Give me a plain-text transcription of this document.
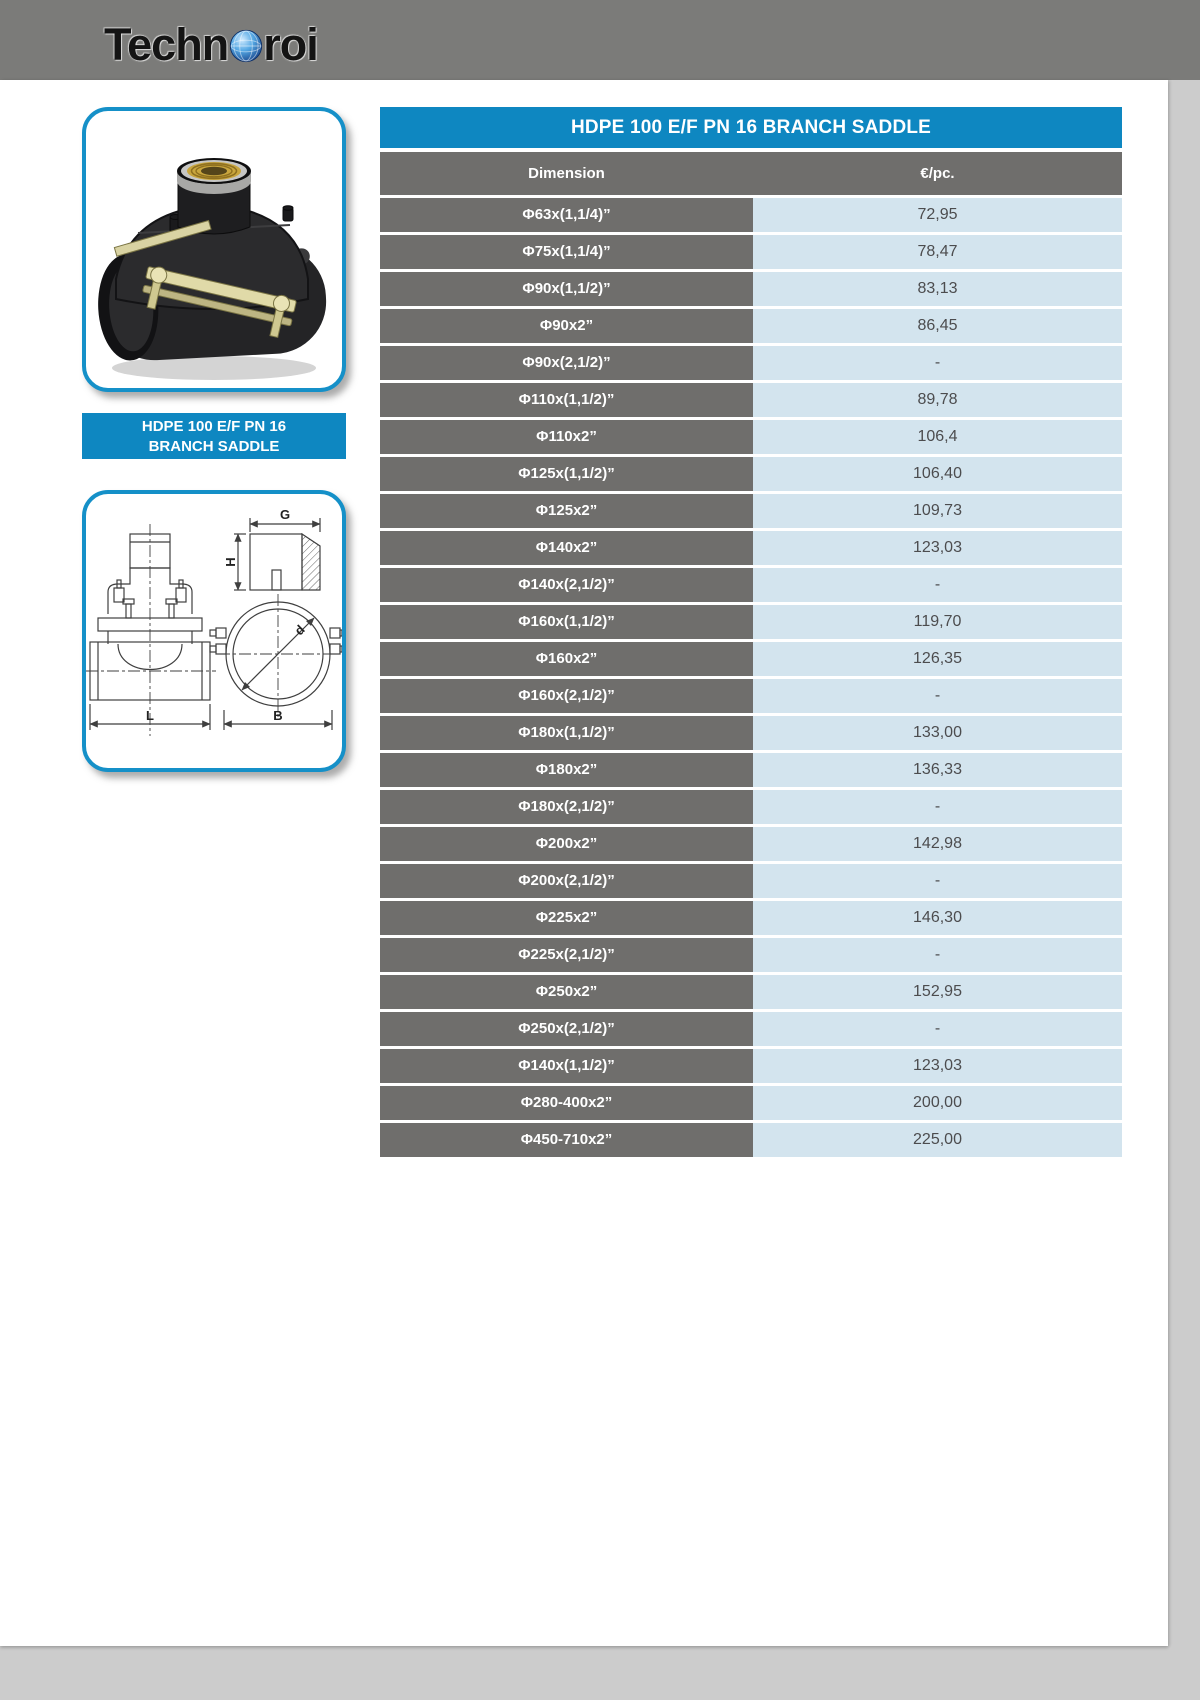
Techn roi
HDPE 100 E/F PN 16
BRANCH SADDLE
L
G
H
d
B
HDPE 100 E/F PN 16 BRANCH SADDLE
Dimension	€/pc.
Φ63x(1,1/4)”	72,95
Φ75x(1,1/4)”	78,47
Φ90x(1,1/2)”	83,13
Φ90x2”	86,45
Φ90x(2,1/2)”	-
Φ110x(1,1/2)”	89,78
Φ110x2”	106,4
Φ125x(1,1/2)”	106,40
Φ125x2”	109,73
Φ140x2”	123,03
Φ140x(2,1/2)”	-
Φ160x(1,1/2)”	119,70
Φ160x2”	126,35
Φ160x(2,1/2)”	-
Φ180x(1,1/2)”	133,00
Φ180x2”	136,33
Φ180x(2,1/2)”	-
Φ200x2”	142,98
Φ200x(2,1/2)”	-
Φ225x2”	146,30
Φ225x(2,1/2)”	-
Φ250x2”	152,95
Φ250x(2,1/2)”	-
Φ140x(1,1/2)”	123,03
Φ280-400x2”	200,00
Φ450-710x2”	225,00
